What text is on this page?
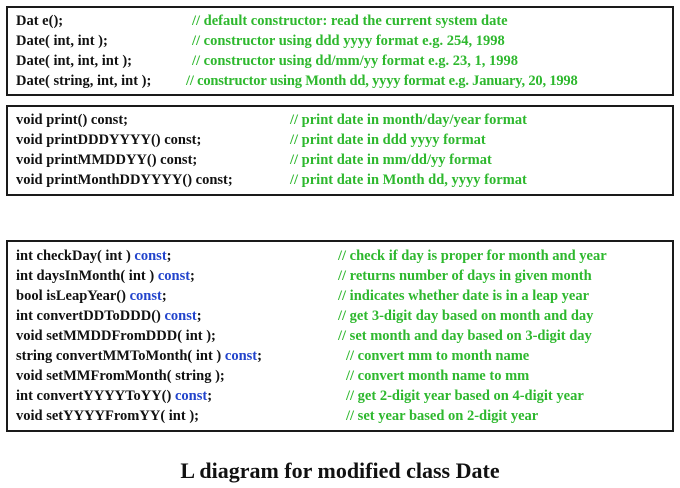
Dat e();	// default constructor: read the current system date
Date( int, int );	// constructor using ddd yyyy format e.g. 254, 1998
Date( int, int, int );	// constructor using dd/mm/yy format e.g. 23, 1, 1998
Date( string, int, int ); // constructor using Month dd, yyyy format e.g. January, 20, 1998
void print() const;	// print date in month/day/year format
void printDDDYYYY() const;	// print date in ddd yyyy format
void printMMDDYY() const;	// print date in mm/dd/yy format
void printMonthDDYYYY() const;	// print date in Month dd, yyyy format
int checkDay( int ) const;	// check if day is proper for month and year
int daysInMonth( int ) const;	// returns number of days in given month
bool isLeapYear() const;	// indicates whether date is in a leap year
int convertDDToDDD() const;	// get 3-digit day based on month and day
void setMMDDFromDDD( int );	// set month and day based on 3-digit day
string convertMMToMonth( int ) const;	// convert mm to month name
void setMMFromMonth( string );	// convert month name to mm
int convertYYYYToYY() const;	// get 2-digit year based on 4-digit year
void setYYYYFromYY( int );	// set year based on 2-digit year
L diagram for modified class Date
